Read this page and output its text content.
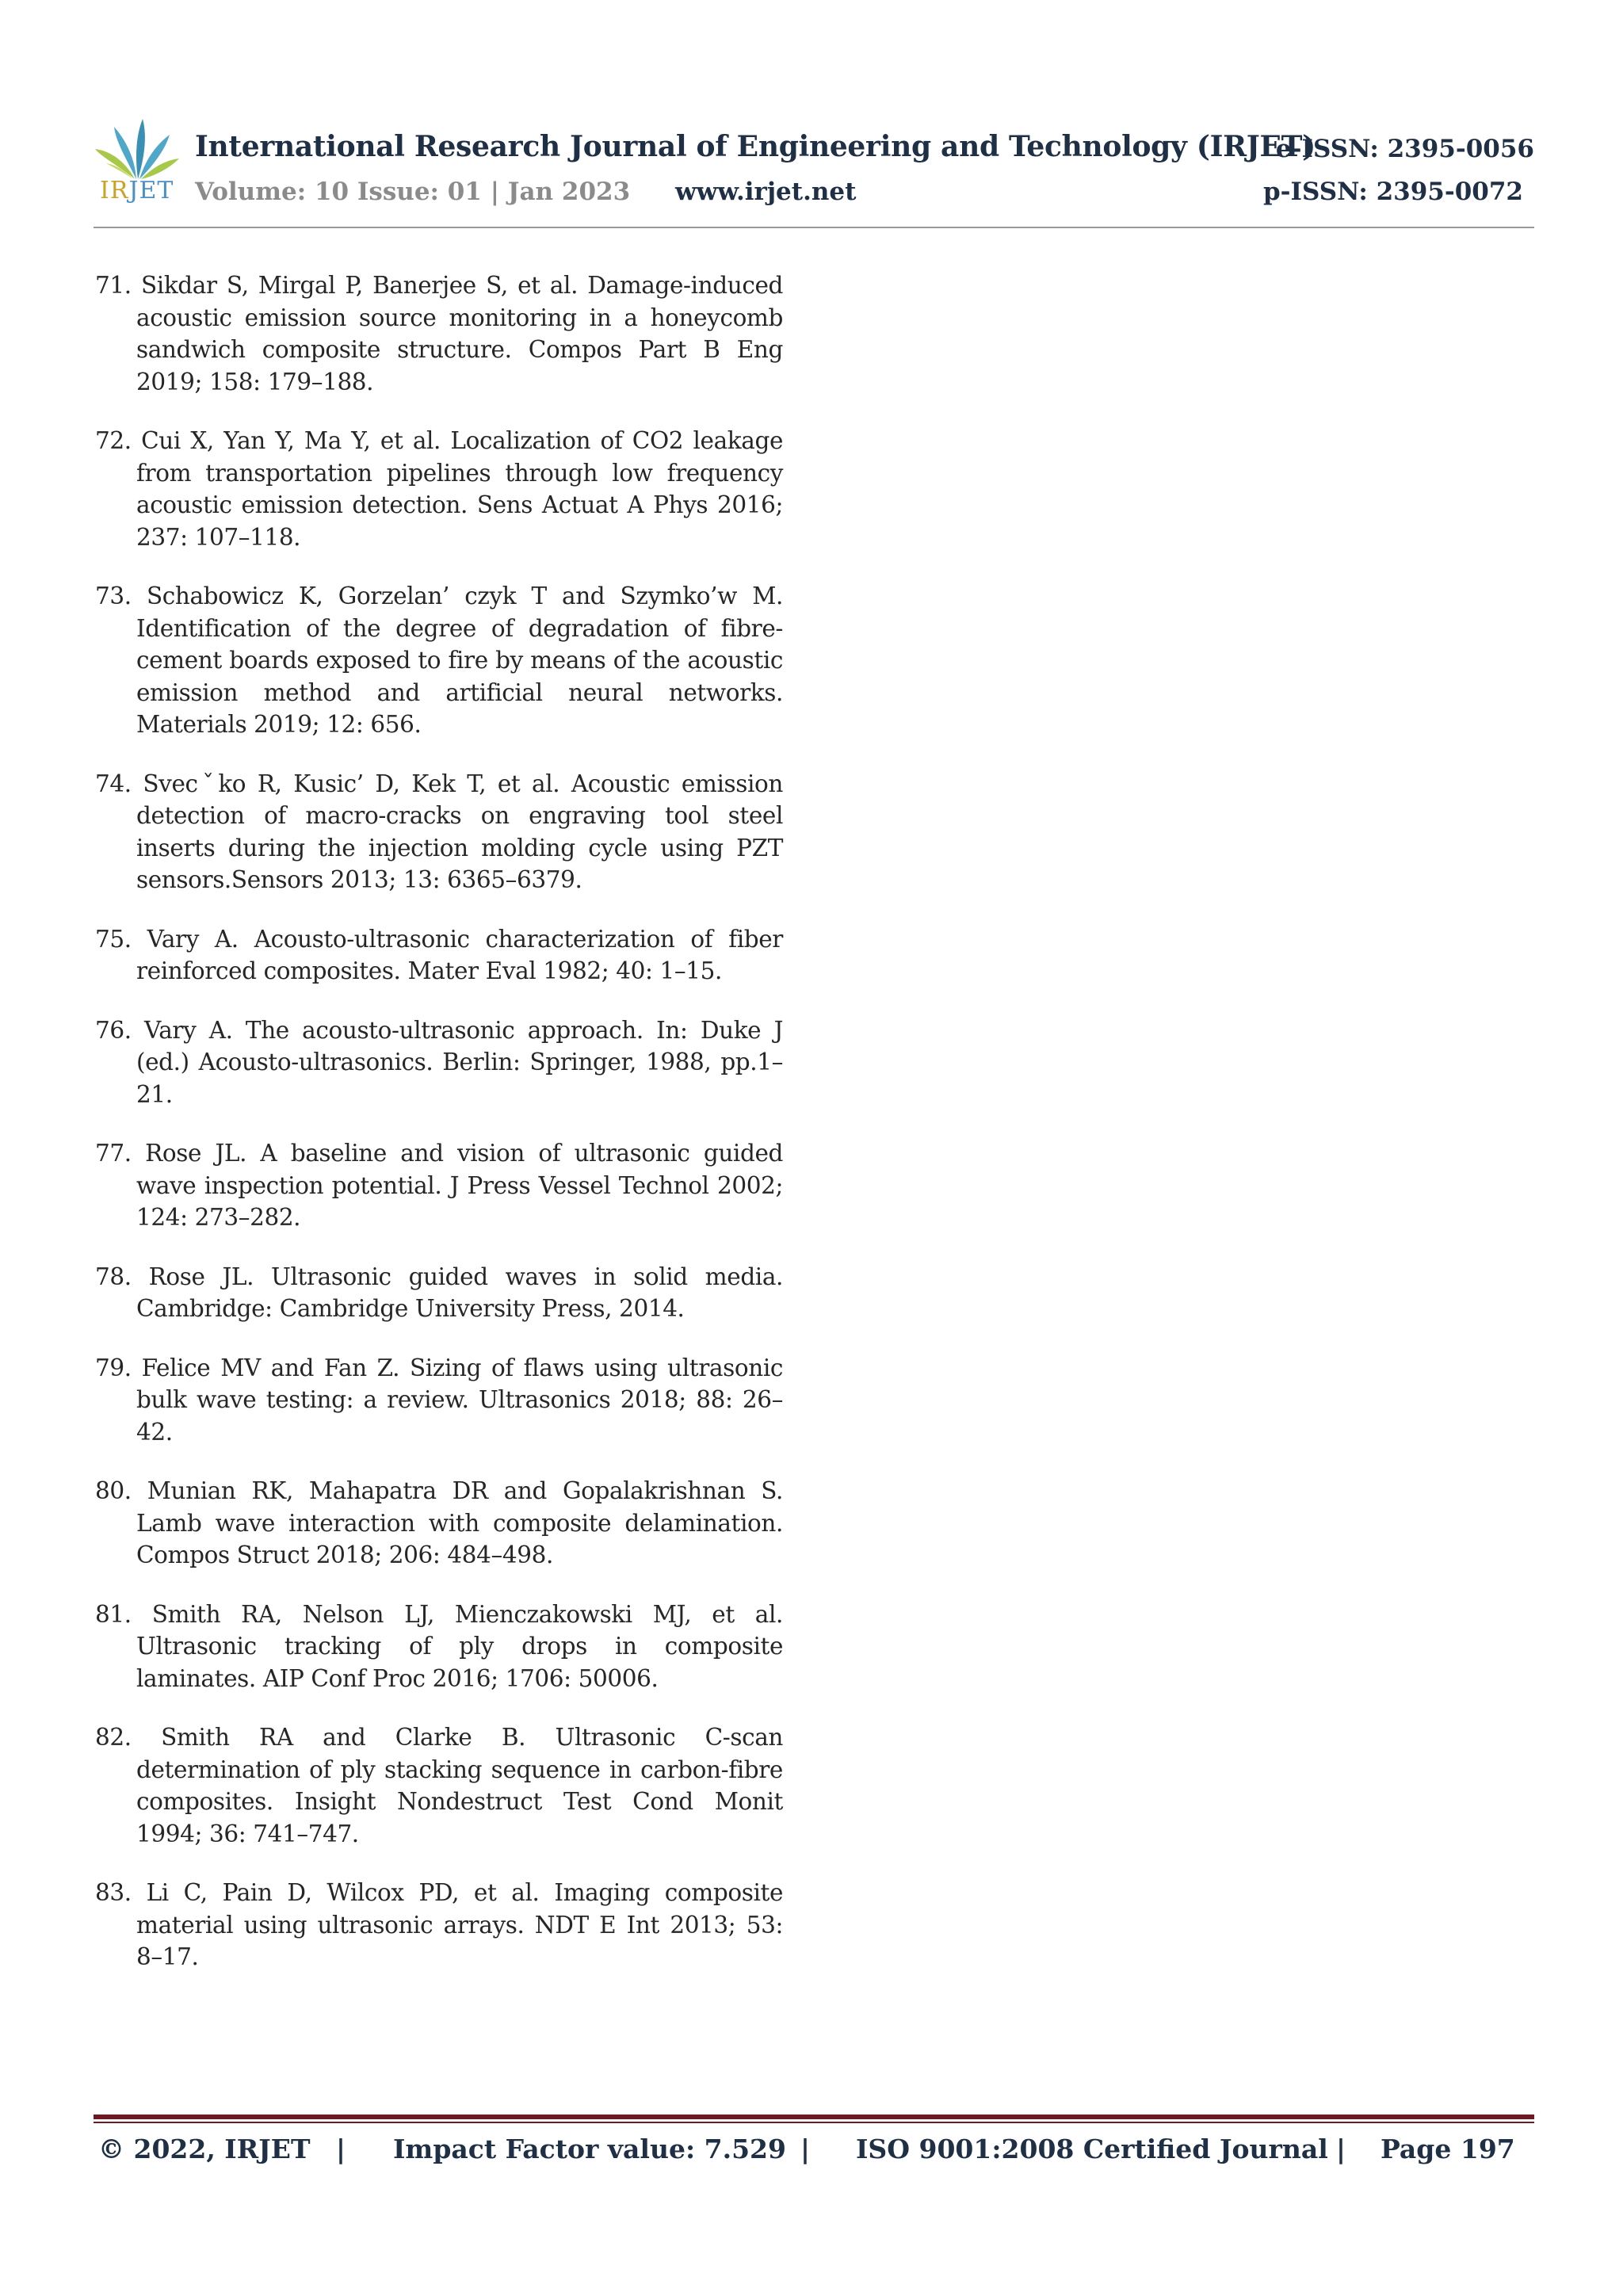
IRJET
International Research Journal of Engineering and Technology (IRJET)
e-ISSN: 2395-0056
Volume: 10 Issue: 01 | Jan 2023 www.irjet.net	p-ISSN: 2395-0072
71. Sikdar S, Mirgal P, Banerjee S, et al. Damage-induced acoustic emission source monitoring in a honeycomb sandwich composite structure. Compos Part B Eng 2019; 158: 179–188.
72. Cui X, Yan Y, Ma Y, et al. Localization of CO2 leakage from transportation pipelines through low frequency acoustic emission detection. Sens Actuat A Phys 2016; 237: 107–118.
73. Schabowicz K, Gorzelan’ czyk T and Szymko’w M. Identification of the degree of degradation of fibre-cement boards exposed to fire by means of the acoustic emission method and artificial neural networks. Materials 2019; 12: 656.
74. Svecˇko R, Kusic’ D, Kek T, et al. Acoustic emission detection of macro-cracks on engraving tool steel inserts during the injection molding cycle using PZT sensors.Sensors 2013; 13: 6365–6379.
75. Vary A. Acousto-ultrasonic characterization of fiber reinforced composites. Mater Eval 1982; 40: 1–15.
76. Vary A. The acousto-ultrasonic approach. In: Duke J (ed.) Acousto-ultrasonics. Berlin: Springer, 1988, pp.1–21.
77. Rose JL. A baseline and vision of ultrasonic guided wave inspection potential. J Press Vessel Technol 2002; 124: 273–282.
78. Rose JL. Ultrasonic guided waves in solid media. Cambridge: Cambridge University Press, 2014.
79. Felice MV and Fan Z. Sizing of flaws using ultrasonic bulk wave testing: a review. Ultrasonics 2018; 88: 26–42.
80. Munian RK, Mahapatra DR and Gopalakrishnan S. Lamb wave interaction with composite delamination. Compos Struct 2018; 206: 484–498.
81. Smith RA, Nelson LJ, Mienczakowski MJ, et al. Ultrasonic tracking of ply drops in composite laminates. AIP Conf Proc 2016; 1706: 50006.
82. Smith RA and Clarke B. Ultrasonic C-scan determination of ply stacking sequence in carbon-fibre composites. Insight Nondestruct Test Cond Monit 1994; 36: 741–747.
83. Li C, Pain D, Wilcox PD, et al. Imaging composite material using ultrasonic arrays. NDT E Int 2013; 53: 8–17.
© 2022, IRJET | Impact Factor value: 7.529 | ISO 9001:2008 Certified Journal | Page 197
